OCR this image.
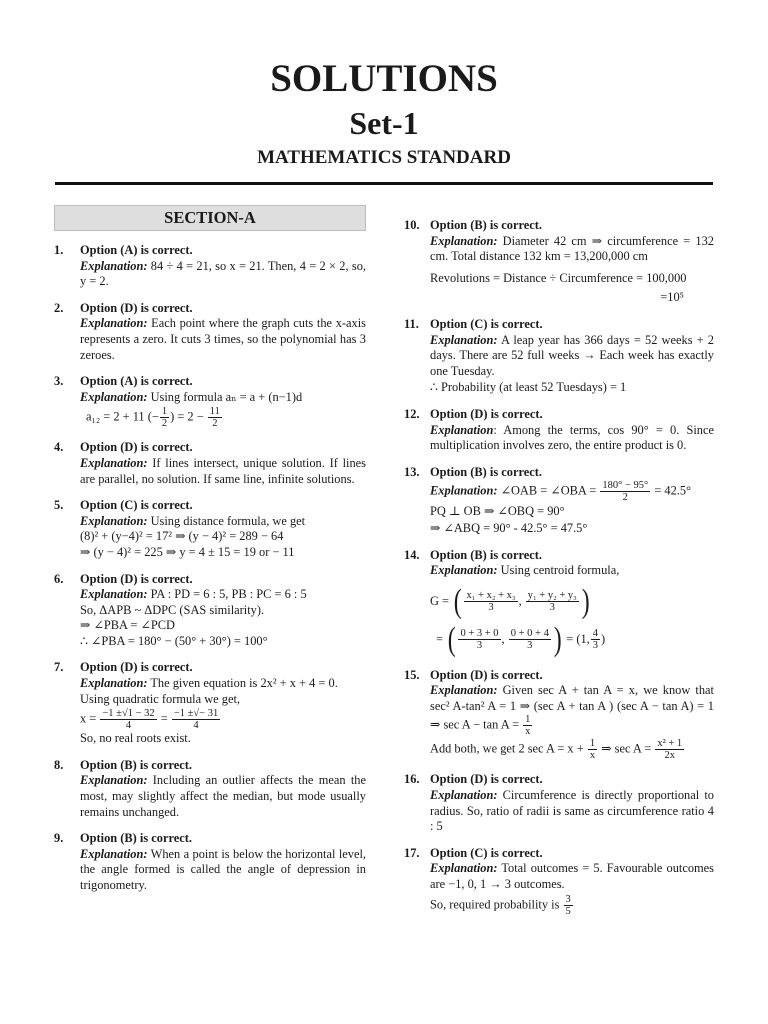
SOLUTIONS
Set-1
MATHEMATICS STANDARD
SECTION-A
1. Option (A) is correct.
Explanation: 84 ÷ 4 = 21, so x = 21. Then, 4 = 2 × 2, so, y = 2.
2. Option (D) is correct.
Explanation: Each point where the graph cuts the x-axis represents a zero. It cuts 3 times, so the polynomial has 3 zeroes.
3. Option (A) is correct.
Explanation: Using formula aₙ = a + (n−1)d
a₁₂ = 2 + 11 (− $\frac{1}{2}$ ) = $2 - \frac{11}{2}$
4. Option (D) is correct.
Explanation: If lines intersect, unique solution. If lines are parallel, no solution. If same line, infinite solutions.
5. Option (C) is correct.
Explanation: Using distance formula, we get
(8)² + (y−4)² = 17² ⇒ (y − 4)² = 289 − 64
⇒ (y − 4)² = 225 ⇒ y = 4 ± 15 = 19 or − 11
6. Option (D) is correct.
Explanation: PA : PD = 6 : 5, PB : PC = 6 : 5
So, ΔAPB ~ ΔDPC (SAS similarity).
⇒ ∠PBA = ∠PCD
∴ ∠PBA = 180° − (50° + 30°) = 100°
7. Option (D) is correct.
Explanation: The given equation is 2x² + x + 4 = 0.
Using quadratic formula we get,
$x = \frac{-1 \pm√1 - 32}{4} = \frac{-1 \pm√- 31}{4}$
So, no real roots exist.
8. Option (B) is correct.
Explanation: Including an outlier affects the mean the most, may slightly affect the median, but mode usually remains unchanged.
9. Option (B) is correct.
Explanation: When a point is below the horizontal level, the angle formed is called the angle of depression in trigonometry.
10. Option (B) is correct.
Explanation: Diameter 42 cm ⇒ circumference = 132 cm. Total distance 132 km = 13,200,000 cm
Revolutions = Distance ÷ Circumference = 100,000
=10⁵
11. Option (C) is correct.
Explanation: A leap year has 366 days = 52 weeks + 2 days. There are 52 full weeks → Each week has exactly one Tuesday.
∴ Probability (at least 52 Tuesdays) = 1
12. Option (D) is correct.
Explanation: Among the terms, cos 90° = 0. Since multiplication involves zero, the entire product is 0.
13. Option (B) is correct.
Explanation: ∠OAB = ∠OBA = $\frac{180^\circ - 95^\circ}{2} = 42.5^\circ$
PQ ⊥ OB ⇒ ∠OBQ = 90°
⇒ ∠ABQ = 90° - 42.5° = 47.5°
14. Option (B) is correct.
Explanation: Using centroid formula,
G = ( $\frac{\text{x₁ + x₂ + x₃}}{3}$ , $\frac{\text{y₁ + y₂ + y₃}}{3}$ )
= ( $\frac{0 + 3 + 0}{3}$ , $\frac{0 + 0 + 4}{3}$ ) = (1, $\frac{4}{3}$ )
15. Option (D) is correct.
Explanation: Given sec A + tan A = x, we know that sec² A-tan² A = 1 ⇒ (sec A + tan A ) (sec A − tan A) = 1 ⇒ $\sec A - \tan A = \frac{1}{x}$
Add both, we get 2 $\sec A = x + \frac{1}{x}$ ⇒ $\sec A = \frac{\text{x² + 1}}{2x}$
16. Option (D) is correct.
Explanation: Circumference is directly proportional to radius. So, ratio of radii is same as circumference ratio 4 : 5
17. Option (C) is correct.
Explanation: Total outcomes = 5. Favourable outcomes are −1, 0, 1 → 3 outcomes.
So, required probability is $\frac{3}{5}$
